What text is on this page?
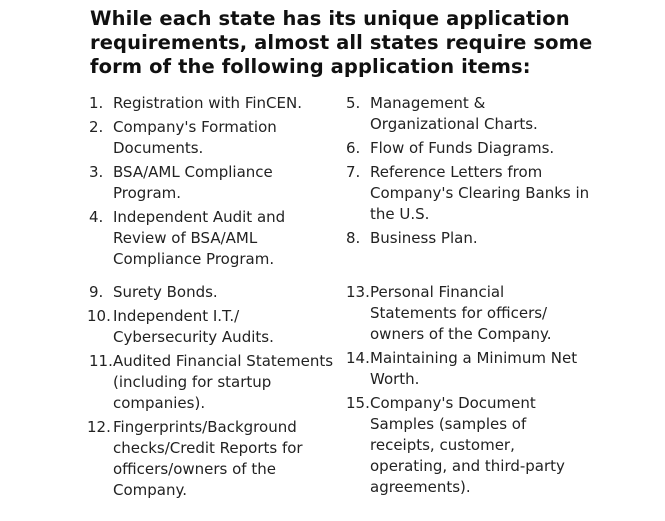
While each state has its unique application requirements, almost all states require some form of the following application items:
1. Registration with FinCEN.
2. Company's Formation Documents.
3. BSA/AML Compliance Program.
4. Independent Audit and Review of BSA/AML Compliance Program.
5. Management & Organizational Charts.
6. Flow of Funds Diagrams.
7. Reference Letters from Company's Clearing Banks in the U.S.
8. Business Plan.
9. Surety Bonds.
10. Independent I.T./ Cybersecurity Audits.
11. Audited Financial Statements (including for startup companies).
12. Fingerprints/Background checks/Credit Reports for officers/owners of the Company.
13. Personal Financial Statements for officers/ owners of the Company.
14. Maintaining a Minimum Net Worth.
15. Company's Document Samples (samples of receipts, customer, operating, and third-party agreements).
